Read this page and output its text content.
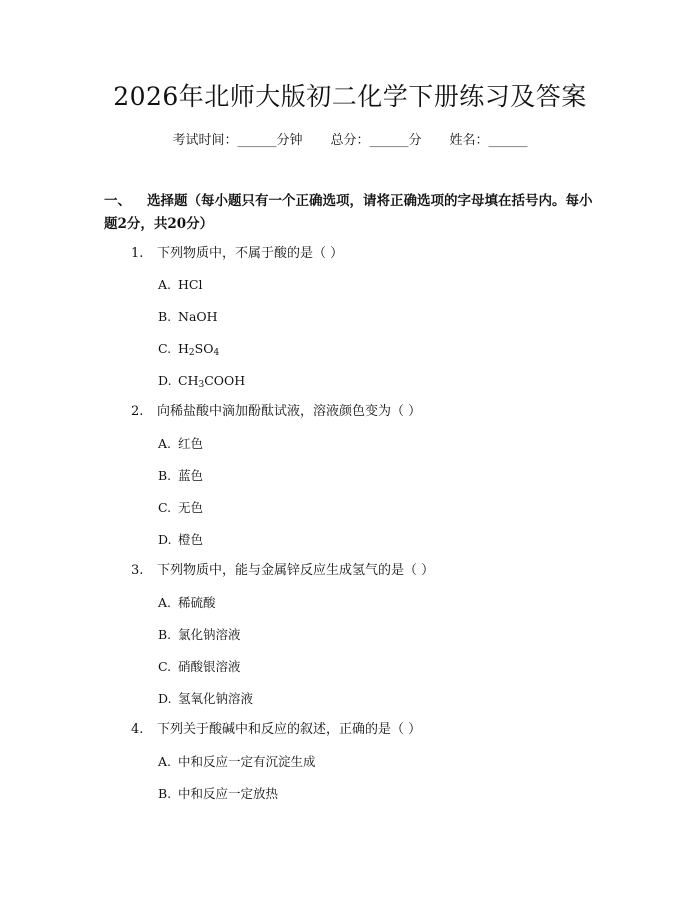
2026年北师大版初二化学下册练习及答案
考试时间：______分钟 总分：______分 姓名：______
一、 选择题（每小题只有一个正确选项，请将正确选项的字母填在括号内。每小题2分，共20分）
1. 下列物质中，不属于酸的是（ ）
A. HCl
B. NaOH
C. $H_2SO_4$
D. $CH_3COOH$
2. 向稀盐酸中滴加酚酞试液，溶液颜色变为（ ）
A. 红色
B. 蓝色
C. 无色
D. 橙色
3. 下列物质中，能与金属锌反应生成氢气的是（ ）
A. 稀硫酸
B. 氯化钠溶液
C. 硝酸银溶液
D. 氢氧化钠溶液
4. 下列关于酸碱中和反应的叙述，正确的是（ ）
A. 中和反应一定有沉淀生成
B. 中和反应一定放热
